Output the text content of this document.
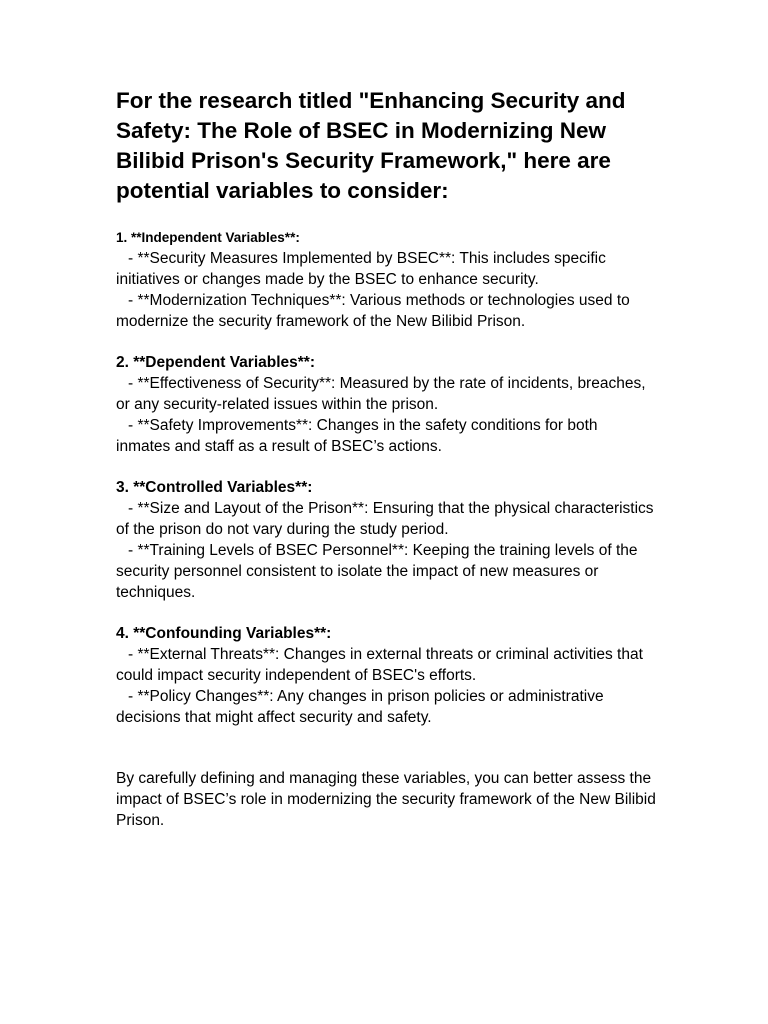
For the research titled "Enhancing Security and Safety: The Role of BSEC in Modernizing New Bilibid Prison's Security Framework," here are potential variables to consider:
1. **Independent Variables**:
- **Security Measures Implemented by BSEC**: This includes specific initiatives or changes made by the BSEC to enhance security.
- **Modernization Techniques**: Various methods or technologies used to modernize the security framework of the New Bilibid Prison.
2. **Dependent Variables**:
- **Effectiveness of Security**: Measured by the rate of incidents, breaches, or any security-related issues within the prison.
- **Safety Improvements**: Changes in the safety conditions for both inmates and staff as a result of BSEC’s actions.
3. **Controlled Variables**:
- **Size and Layout of the Prison**: Ensuring that the physical characteristics of the prison do not vary during the study period.
- **Training Levels of BSEC Personnel**: Keeping the training levels of the security personnel consistent to isolate the impact of new measures or techniques.
4. **Confounding Variables**:
- **External Threats**: Changes in external threats or criminal activities that could impact security independent of BSEC's efforts.
- **Policy Changes**: Any changes in prison policies or administrative decisions that might affect security and safety.
By carefully defining and managing these variables, you can better assess the impact of BSEC’s role in modernizing the security framework of the New Bilibid Prison.
